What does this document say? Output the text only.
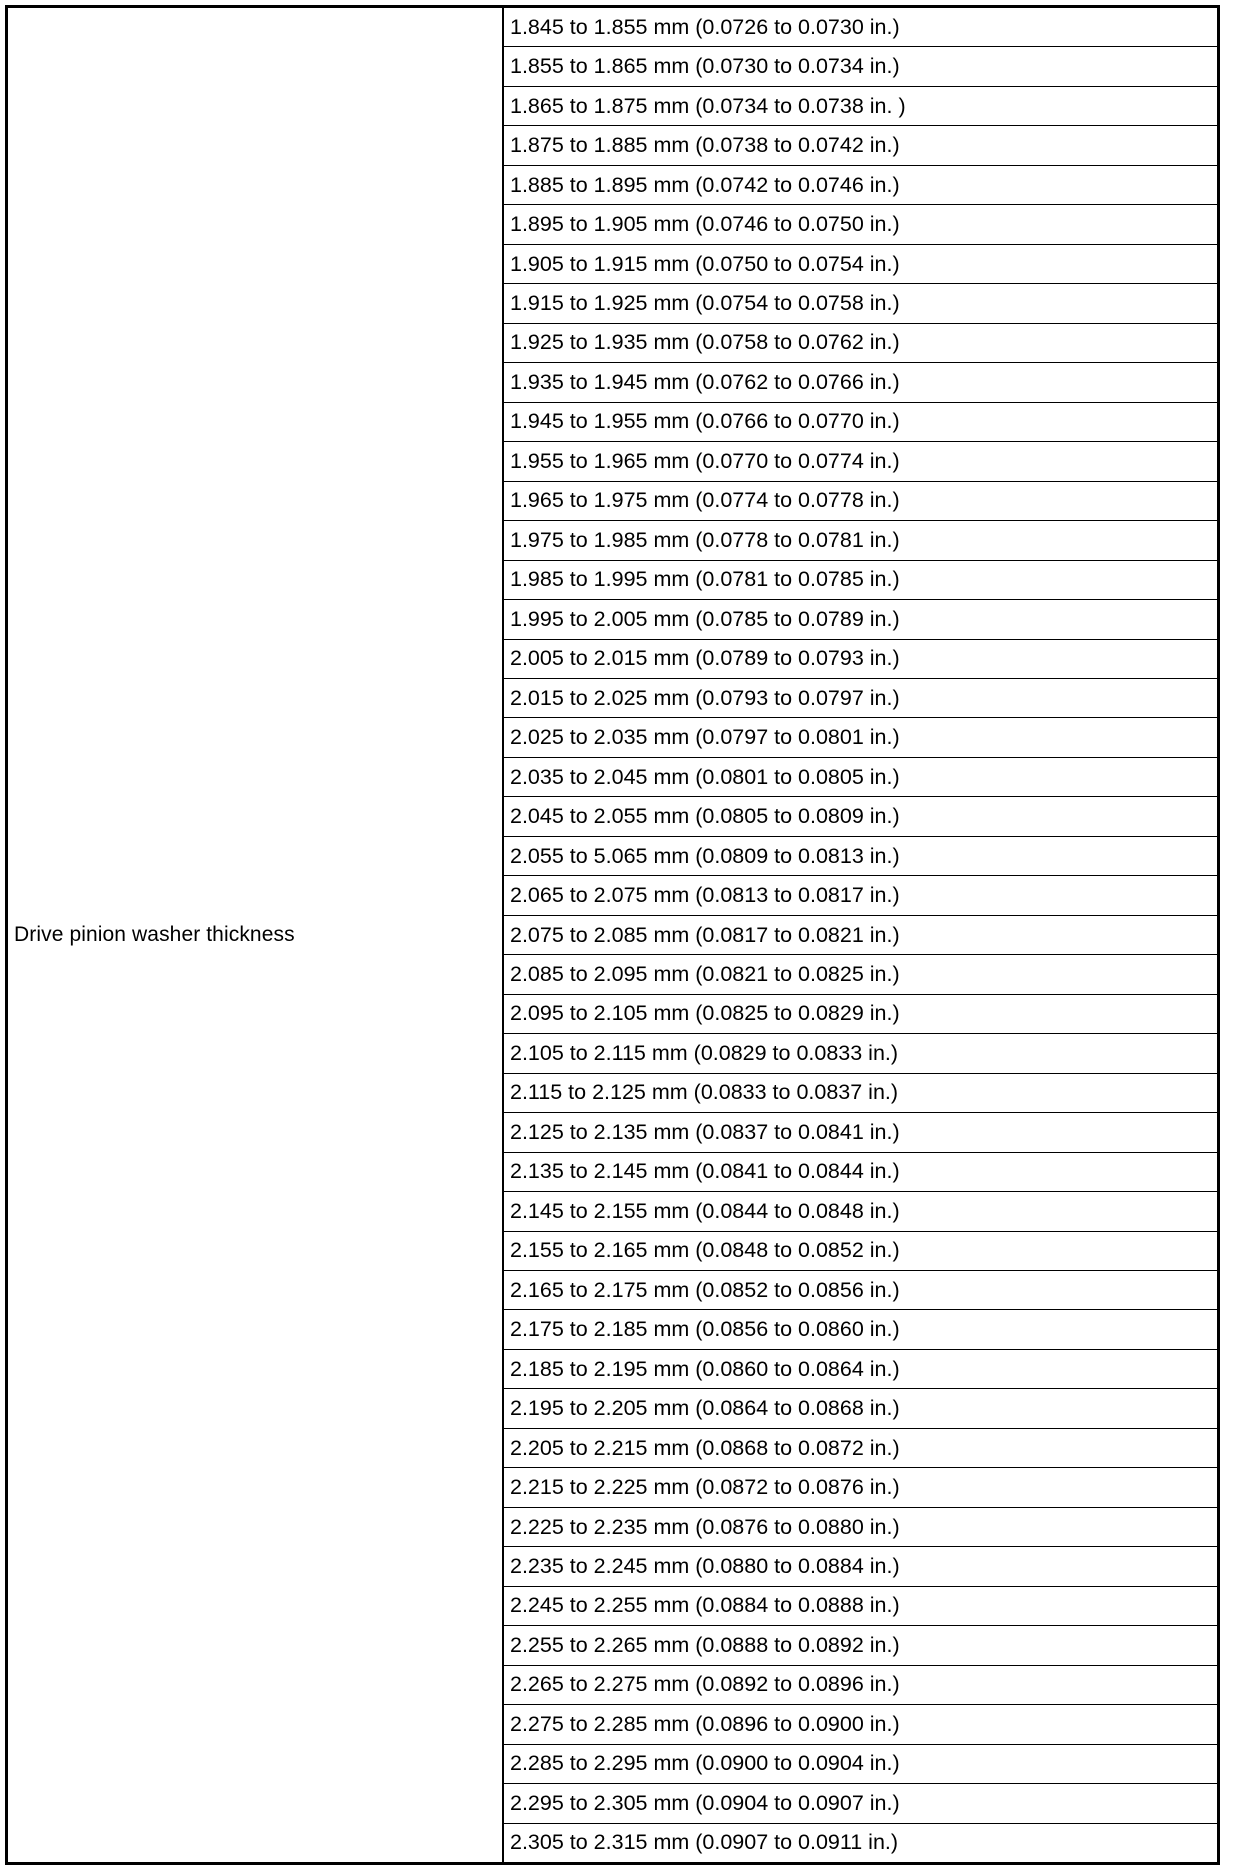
Drive pinion washer thickness
1.845 to 1.855 mm (0.0726 to 0.0730 in.)
1.855 to 1.865 mm (0.0730 to 0.0734 in.)
1.865 to 1.875 mm (0.0734 to 0.0738 in. )
1.875 to 1.885 mm (0.0738 to 0.0742 in.)
1.885 to 1.895 mm (0.0742 to 0.0746 in.)
1.895 to 1.905 mm (0.0746 to 0.0750 in.)
1.905 to 1.915 mm (0.0750 to 0.0754 in.)
1.915 to 1.925 mm (0.0754 to 0.0758 in.)
1.925 to 1.935 mm (0.0758 to 0.0762 in.)
1.935 to 1.945 mm (0.0762 to 0.0766 in.)
1.945 to 1.955 mm (0.0766 to 0.0770 in.)
1.955 to 1.965 mm (0.0770 to 0.0774 in.)
1.965 to 1.975 mm (0.0774 to 0.0778 in.)
1.975 to 1.985 mm (0.0778 to 0.0781 in.)
1.985 to 1.995 mm (0.0781 to 0.0785 in.)
1.995 to 2.005 mm (0.0785 to 0.0789 in.)
2.005 to 2.015 mm (0.0789 to 0.0793 in.)
2.015 to 2.025 mm (0.0793 to 0.0797 in.)
2.025 to 2.035 mm (0.0797 to 0.0801 in.)
2.035 to 2.045 mm (0.0801 to 0.0805 in.)
2.045 to 2.055 mm (0.0805 to 0.0809 in.)
2.055 to 5.065 mm (0.0809 to 0.0813 in.)
2.065 to 2.075 mm (0.0813 to 0.0817 in.)
2.075 to 2.085 mm (0.0817 to 0.0821 in.)
2.085 to 2.095 mm (0.0821 to 0.0825 in.)
2.095 to 2.105 mm (0.0825 to 0.0829 in.)
2.105 to 2.115 mm (0.0829 to 0.0833 in.)
2.115 to 2.125 mm (0.0833 to 0.0837 in.)
2.125 to 2.135 mm (0.0837 to 0.0841 in.)
2.135 to 2.145 mm (0.0841 to 0.0844 in.)
2.145 to 2.155 mm (0.0844 to 0.0848 in.)
2.155 to 2.165 mm (0.0848 to 0.0852 in.)
2.165 to 2.175 mm (0.0852 to 0.0856 in.)
2.175 to 2.185 mm (0.0856 to 0.0860 in.)
2.185 to 2.195 mm (0.0860 to 0.0864 in.)
2.195 to 2.205 mm (0.0864 to 0.0868 in.)
2.205 to 2.215 mm (0.0868 to 0.0872 in.)
2.215 to 2.225 mm (0.0872 to 0.0876 in.)
2.225 to 2.235 mm (0.0876 to 0.0880 in.)
2.235 to 2.245 mm (0.0880 to 0.0884 in.)
2.245 to 2.255 mm (0.0884 to 0.0888 in.)
2.255 to 2.265 mm (0.0888 to 0.0892 in.)
2.265 to 2.275 mm (0.0892 to 0.0896 in.)
2.275 to 2.285 mm (0.0896 to 0.0900 in.)
2.285 to 2.295 mm (0.0900 to 0.0904 in.)
2.295 to 2.305 mm (0.0904 to 0.0907 in.)
2.305 to 2.315 mm (0.0907 to 0.0911 in.)
